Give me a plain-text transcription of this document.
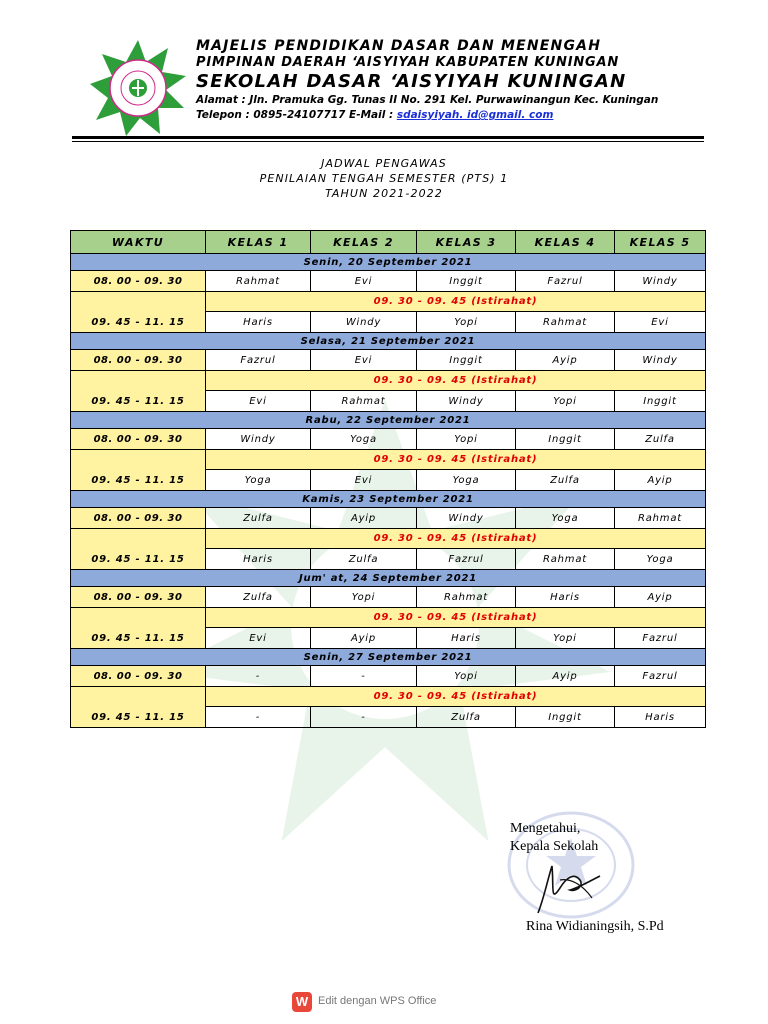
MAJELIS PENDIDIKAN DASAR DAN MENENGAH
PIMPINAN DAERAH ‘AISYIYAH KABUPATEN KUNINGAN
SEKOLAH DASAR ‘AISYIYAH KUNINGAN
Alamat : Jln. Pramuka Gg. Tunas II No. 291 Kel. Purwawinangun Kec. Kuningan
Telepon : 0895-24107717 E-Mail : sdaisyiyah. id@gmail. com
JADWAL PENGAWAS
PENILAIAN TENGAH SEMESTER (PTS) 1
TAHUN 2021-2022
WAKTU	KELAS 1	KELAS 2	KELAS 3	KELAS 4	KELAS 5
Senin, 20 September 2021					
08. 00 - 09. 30	Rahmat	Evi	Inggit	Fazrul	Windy
09. 45 - 11. 15	09. 30 - 09. 45 (Istirahat)				
	Haris	Windy	Yopi	Rahmat	Evi
Selasa, 21 September 2021					
08. 00 - 09. 30	Fazrul	Evi	Inggit	Ayip	Windy
09. 45 - 11. 15	09. 30 - 09. 45 (Istirahat)				
	Evi	Rahmat	Windy	Yopi	Inggit
Rabu, 22 September 2021					
08. 00 - 09. 30	Windy	Yoga	Yopi	Inggit	Zulfa
09. 45 - 11. 15	09. 30 - 09. 45 (Istirahat)				
	Yoga	Evi	Yoga	Zulfa	Ayip
Kamis, 23 September 2021					
08. 00 - 09. 30	Zulfa	Ayip	Windy	Yoga	Rahmat
09. 45 - 11. 15	09. 30 - 09. 45 (Istirahat)				
	Haris	Zulfa	Fazrul	Rahmat	Yoga
Jum' at, 24 September 2021					
08. 00 - 09. 30	Zulfa	Yopi	Rahmat	Haris	Ayip
09. 45 - 11. 15	09. 30 - 09. 45 (Istirahat)				
	Evi	Ayip	Haris	Yopi	Fazrul
Senin, 27 September 2021					
08. 00 - 09. 30	-	-	Yopi	Ayip	Fazrul
09. 45 - 11. 15	09. 30 - 09. 45 (Istirahat)				
	-	-	Zulfa	Inggit	Haris
Mengetahui,
Kepala Sekolah
Rina Widianingsih, S.Pd
W Edit dengan WPS Office
